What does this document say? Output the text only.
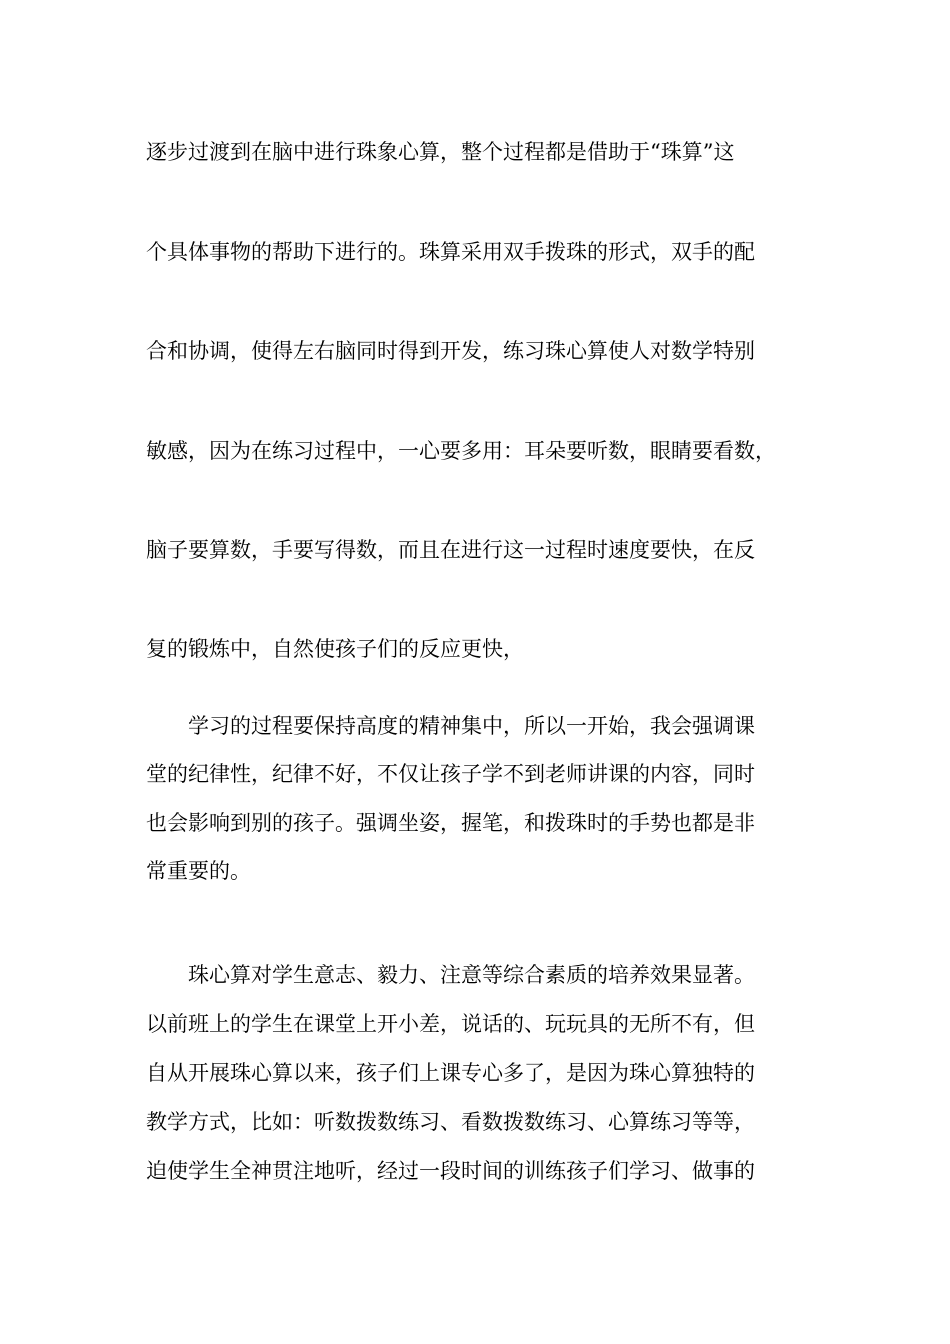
逐步过渡到在脑中进行珠象心算，整个过程都是借助于“珠算”这
个具体事物的帮助下进行的。珠算采用双手拨珠的形式，双手的配
合和协调，使得左右脑同时得到开发，练习珠心算使人对数学特别
敏感，因为在练习过程中，一心要多用：耳朵要听数，眼睛要看数，
脑子要算数，手要写得数，而且在进行这一过程时速度要快，在反
复的锻炼中，自然使孩子们的反应更快，
学习的过程要保持高度的精神集中，所以一开始，我会强调课
堂的纪律性，纪律不好，不仅让孩子学不到老师讲课的内容，同时
也会影响到别的孩子。强调坐姿，握笔，和拨珠时的手势也都是非
常重要的。
珠心算对学生意志、毅力、注意等综合素质的培养效果显著。
以前班上的学生在课堂上开小差，说话的、玩玩具的无所不有，但
自从开展珠心算以来，孩子们上课专心多了，是因为珠心算独特的
教学方式，比如：听数拨数练习、看数拨数练习、心算练习等等，
迫使学生全神贯注地听，经过一段时间的训练孩子们学习、做事的
